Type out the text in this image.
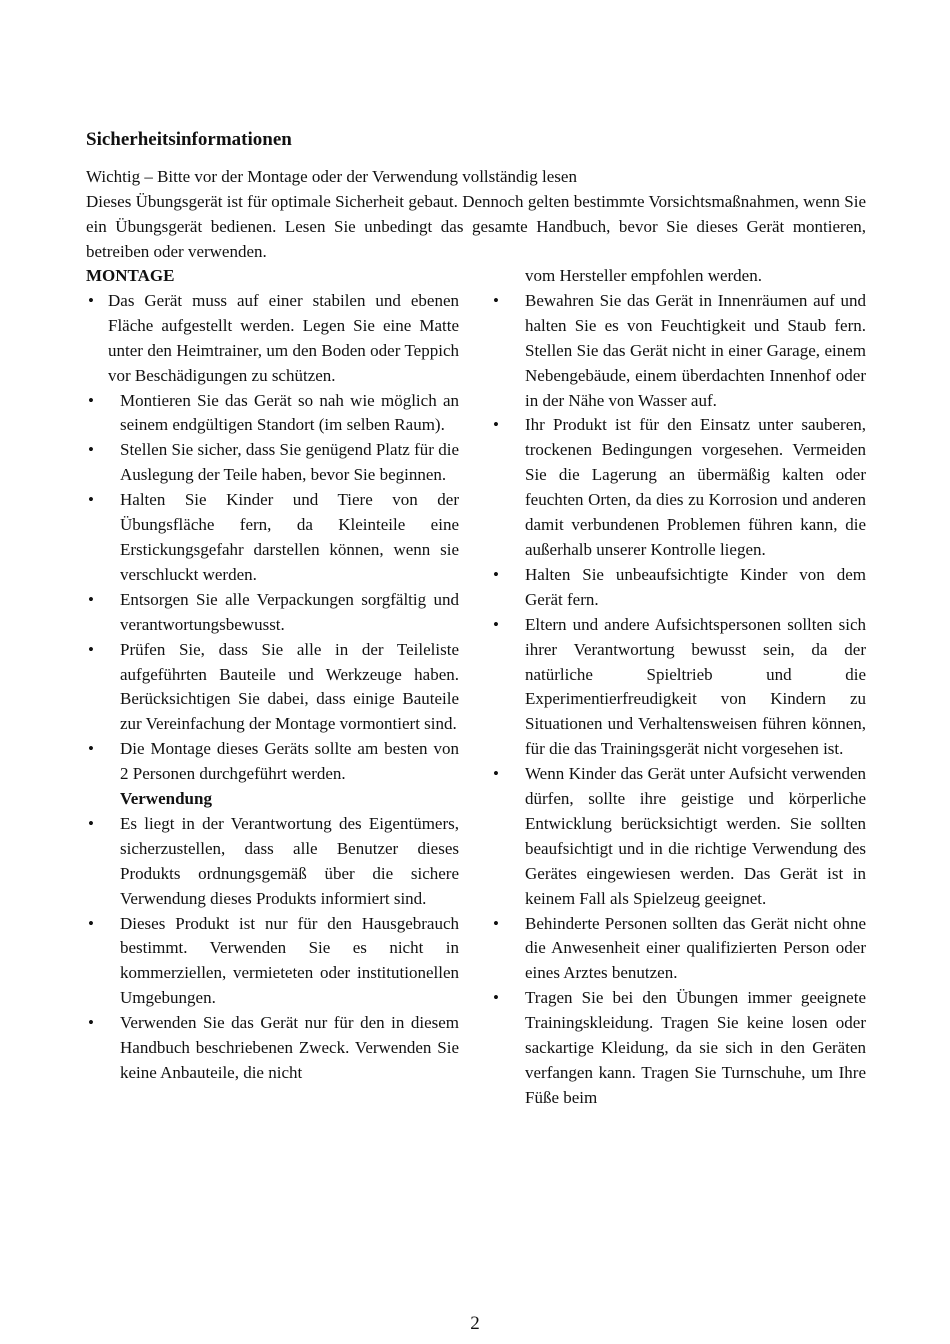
Sicherheitsinformationen

Wichtig – Bitte vor der Montage oder der Verwendung vollständig lesen

Dieses Übungsgerät ist für optimale Sicherheit gebaut. Dennoch gelten bestimmte Vorsichtsmaßnahmen, wenn Sie ein Übungsgerät bedienen. Lesen Sie unbedingt das gesamte Handbuch, bevor Sie dieses Gerät montieren, betreiben oder verwenden.

MONTAGE
• Das Gerät muss auf einer stabilen und ebenen Fläche aufgestellt werden. Legen Sie eine Matte unter den Heimtrainer, um den Boden oder Teppich vor Beschädigungen zu schützen.
• Montieren Sie das Gerät so nah wie möglich an seinem endgültigen Standort (im selben Raum).
• Stellen Sie sicher, dass Sie genügend Platz für die Auslegung der Teile haben, bevor Sie beginnen.
• Halten Sie Kinder und Tiere von der Übungsfläche fern, da Kleinteile eine Erstickungsgefahr darstellen können, wenn sie verschluckt werden.
• Entsorgen Sie alle Verpackungen sorgfältig und verantwortungsbewusst.
• Prüfen Sie, dass Sie alle in der Teileliste aufgeführten Bauteile und Werkzeuge haben. Berücksichtigen Sie dabei, dass einige Bauteile zur Vereinfachung der Montage vormontiert sind.
• Die Montage dieses Geräts sollte am besten von 2 Personen durchgeführt werden.

Verwendung

• Es liegt in der Verantwortung des Eigentümers, sicherzustellen, dass alle Benutzer dieses Produkts ordnungsgemäß über die sichere Verwendung dieses Produkts informiert sind.
• Dieses Produkt ist nur für den Hausgebrauch bestimmt. Verwenden Sie es nicht in kommerziellen, vermieteten oder institutionellen Umgebungen.
• Verwenden Sie das Gerät nur für den in diesem Handbuch beschriebenen Zweck. Verwenden Sie keine Anbauteile, die nicht

vom Hersteller empfohlen werden.

• Bewahren Sie das Gerät in Innenräumen auf und halten Sie es von Feuchtigkeit und Staub fern. Stellen Sie das Gerät nicht in einer Garage, einem Nebengebäude, einem überdachten Innenhof oder in der Nähe von Wasser auf.
• Ihr Produkt ist für den Einsatz unter sauberen, trockenen Bedingungen vorgesehen. Vermeiden Sie die Lagerung an übermäßig kalten oder feuchten Orten, da dies zu Korrosion und anderen damit verbundenen Problemen führen kann, die außerhalb unserer Kontrolle liegen.
• Halten Sie unbeaufsichtigte Kinder von dem Gerät fern.
• Eltern und andere Aufsichtspersonen sollten sich ihrer Verantwortung bewusst sein, da der natürliche Spieltrieb und die Experimentierfreudigkeit von Kindern zu Situationen und Verhaltensweisen führen können, für die das Trainingsgerät nicht vorgesehen ist.
• Wenn Kinder das Gerät unter Aufsicht verwenden dürfen, sollte ihre geistige und körperliche Entwicklung berücksichtigt werden. Sie sollten beaufsichtigt und in die richtige Verwendung des Gerätes eingewiesen werden. Das Gerät ist in keinem Fall als Spielzeug geeignet.
• Behinderte Personen sollten das Gerät nicht ohne die Anwesenheit einer qualifizierten Person oder eines Arztes benutzen.
• Tragen Sie bei den Übungen immer geeignete Trainingskleidung. Tragen Sie keine losen oder sackartige Kleidung, da sie sich in den Geräten verfangen kann. Tragen Sie Turnschuhe, um Ihre Füße beim
2
